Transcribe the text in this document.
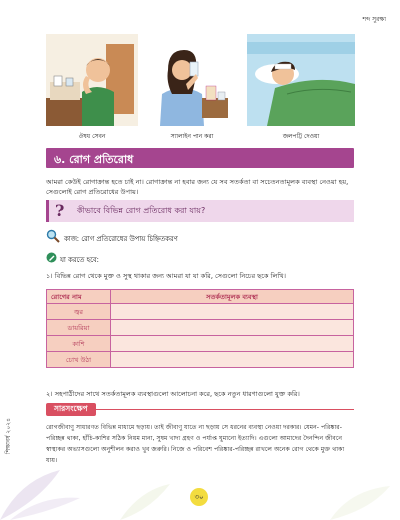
শব্দ সুরক্ষা
ঔষধ সেবন	স্যালাইন পান করা	জলপট্টি দেওয়া
৬. রোগ প্রতিরোধ
আমরা কেউই রোগাক্রান্ত হতে চাই না। রোগাক্রান্ত না হবার জন্য যে সব সতর্কতা বা সচেতনতামূলক ব্যবস্থা নেওয়া হয়, সেগুলোই রোগ প্রতিরোধের উপায়।
? কীভাবে বিভিন্ন রোগ প্রতিরোধ করা যায়?
কাজ: রোগ প্রতিরোধের উপায় চিহ্নিতকরণ
যা করতে হবে:
১। বিভিন্ন রোগ থেকে মুক্ত ও সুস্থ থাকার জন্য আমরা যা যা করি, সেগুলো নিচের ছকে লিখি।
রোগের নাম	সতর্কতামূলক ব্যবস্থা
জ্বর	
ডায়রিয়া	
কাশি	
চোখ উঠা	
২। সহপাঠীদের সাথে সতর্কতামূলক ব্যবস্থাগুলো আলোচনা করে, ছকে নতুন ধারণাগুলো যুক্ত করি।
সারসংক্ষেপ
রোগজীবাণু সাধারণত বিভিন্ন মাধ্যমে ছড়ায়। তাই জীবাণু যাতে না ছড়ায় সে ধরনের ব্যবস্থা নেওয়া দরকার। যেমন- পরিষ্কার-পরিচ্ছন্ন থাকা, হাঁচি-কাশির সঠিক নিয়ম মানা, সুষম খাদ্য গ্রহণ ও পর্যাপ্ত ঘুমানো ইত্যাদি। এগুলো আমাদের দৈনন্দিন জীবনে স্বাস্থ্যকর অভ্যাসগুলো অনুশীলন করাও খুব জরুরি। নিজে ও পরিবেশ পরিষ্কার-পরিচ্ছন্ন রাখলে অনেক রোগ থেকে মুক্ত থাকা যায়।
শিক্ষাবর্ষ ২০২৪
৩০
